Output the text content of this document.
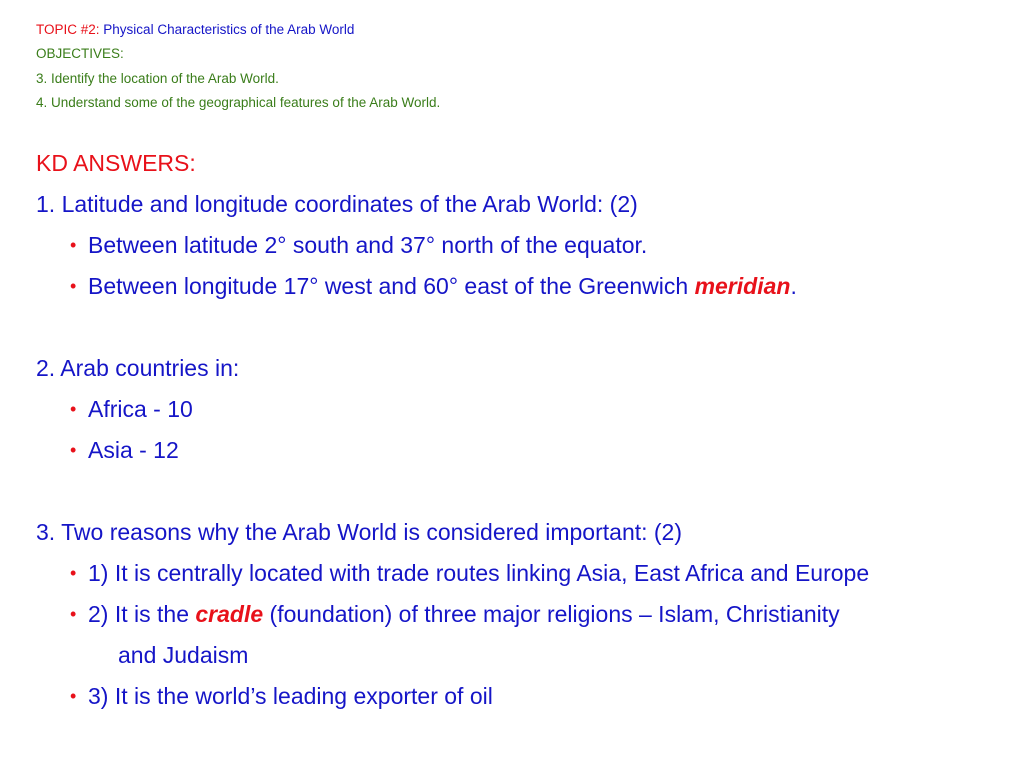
TOPIC #2: Physical Characteristics of the Arab World
OBJECTIVES:
3. Identify the location of the Arab World.
4. Understand some of the geographical features of the Arab World.
KD ANSWERS:
1. Latitude and longitude coordinates of the Arab World: (2)
• Between latitude 2° south and 37° north of the equator.
• Between longitude 17° west and 60° east of the Greenwich meridian.
2. Arab countries in:
• Africa - 10
• Asia - 12
3. Two reasons why the Arab World is considered important: (2)
• 1) It is centrally located with trade routes linking Asia, East Africa and Europe
• 2) It is the cradle (foundation) of three major religions – Islam, Christianity
and Judaism
• 3) It is the world’s leading exporter of oil
